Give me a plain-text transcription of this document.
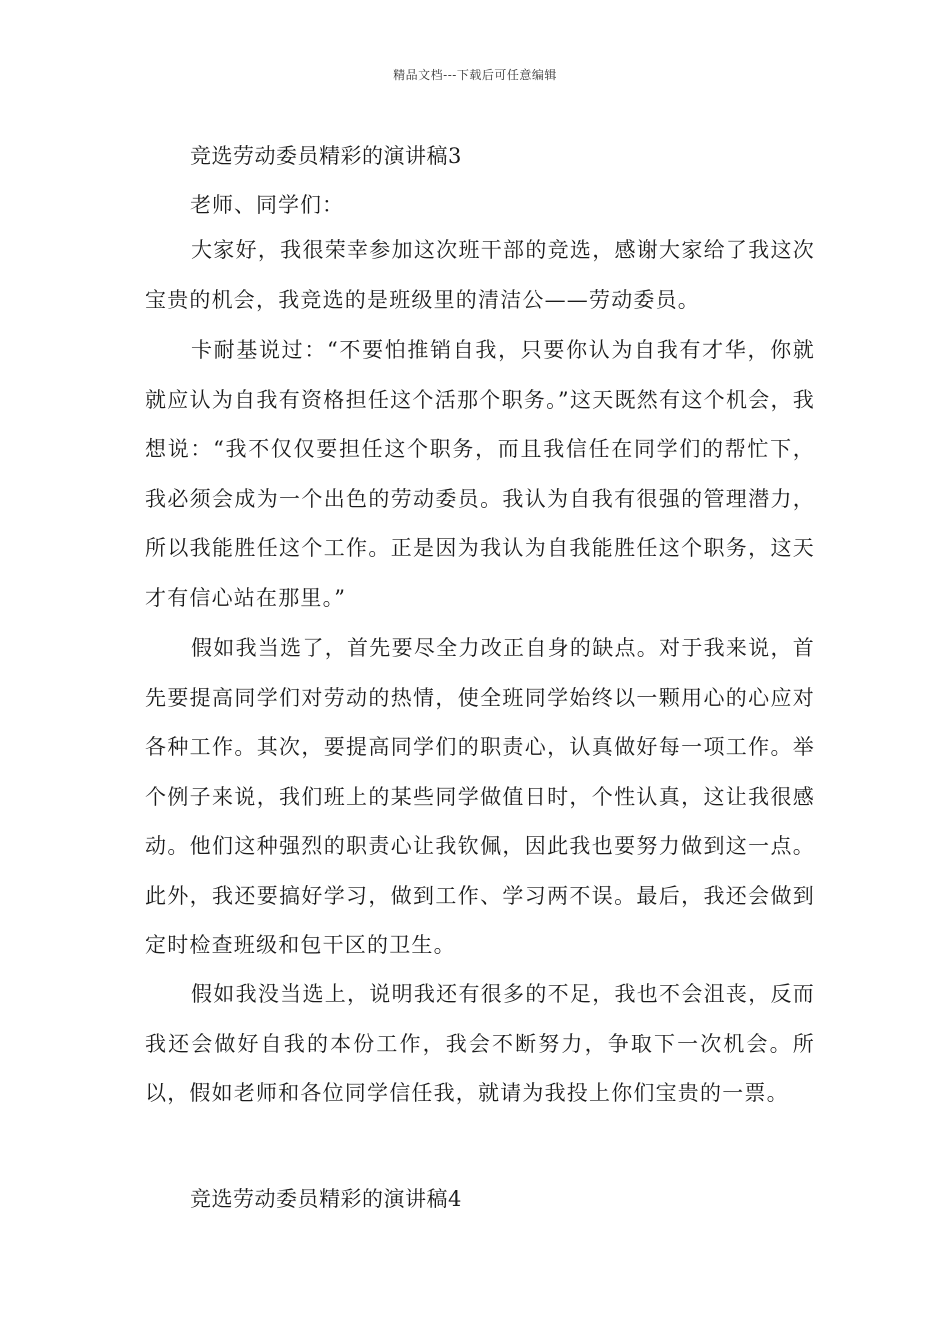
精品文档---下载后可任意编辑
竞选劳动委员精彩的演讲稿3
老师、同学们：

大家好，我很荣幸参加这次班干部的竞选，感谢大家给了我这次宝贵的机会，我竞选的是班级里的清洁公——劳动委员。

卡耐基说过：“不要怕推销自我，只要你认为自我有才华，你就就应认为自我有资格担任这个活那个职务。”这天既然有这个机会，我想说：“我不仅仅要担任这个职务，而且我信任在同学们的帮忙下，我必须会成为一个出色的劳动委员。我认为自我有很强的管理潜力，所以我能胜任这个工作。正是因为我认为自我能胜任这个职务，这天才有信心站在那里。”

假如我当选了，首先要尽全力改正自身的缺点。对于我来说，首先要提高同学们对劳动的热情，使全班同学始终以一颗用心的心应对各种工作。其次，要提高同学们的职责心，认真做好每一项工作。举个例子来说，我们班上的某些同学做值日时，个性认真，这让我很感动。他们这种强烈的职责心让我钦佩，因此我也要努力做到这一点。此外，我还要搞好学习，做到工作、学习两不误。最后，我还会做到定时检查班级和包干区的卫生。

假如我没当选上，说明我还有很多的不足，我也不会沮丧，反而我还会做好自我的本份工作，我会不断努力，争取下一次机会。所以，假如老师和各位同学信任我，就请为我投上你们宝贵的一票。

竞选劳动委员精彩的演讲稿4
